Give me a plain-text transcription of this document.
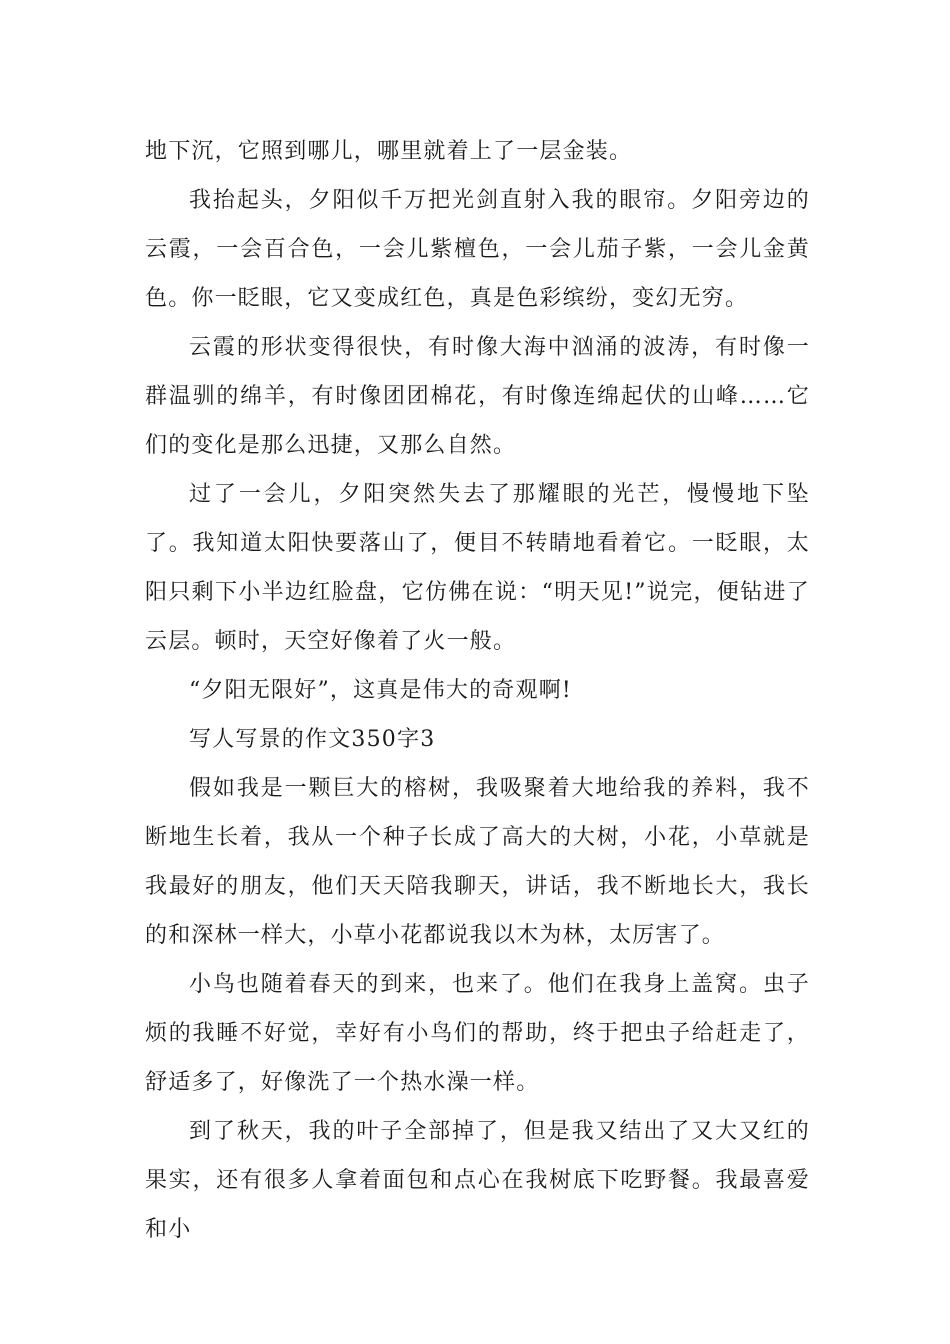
地下沉，它照到哪儿，哪里就着上了一层金装。

我抬起头，夕阳似千万把光剑直射入我的眼帘。夕阳旁边的云霞，一会百合色，一会儿紫檀色，一会儿茄子紫，一会儿金黄色。你一眨眼，它又变成红色，真是色彩缤纷，变幻无穷。

云霞的形状变得很快，有时像大海中汹涌的波涛，有时像一群温驯的绵羊，有时像团团棉花，有时像连绵起伏的山峰……它们的变化是那么迅捷，又那么自然。

过了一会儿，夕阳突然失去了那耀眼的光芒，慢慢地下坠了。我知道太阳快要落山了，便目不转睛地看着它。一眨眼，太阳只剩下小半边红脸盘，它仿佛在说：“明天见!”说完，便钻进了云层。顿时，天空好像着了火一般。

“夕阳无限好”，这真是伟大的奇观啊!

写人写景的作文350字3

假如我是一颗巨大的榕树，我吸聚着大地给我的养料，我不断地生长着，我从一个种子长成了高大的大树，小花，小草就是我最好的朋友，他们天天陪我聊天，讲话，我不断地长大，我长的和深林一样大，小草小花都说我以木为林，太厉害了。

小鸟也随着春天的到来，也来了。他们在我身上盖窝。虫子烦的我睡不好觉，幸好有小鸟们的帮助，终于把虫子给赶走了，舒适多了，好像洗了一个热水澡一样。

到了秋天，我的叶子全部掉了，但是我又结出了又大又红的果实，还有很多人拿着面包和点心在我树底下吃野餐。我最喜爱和小
